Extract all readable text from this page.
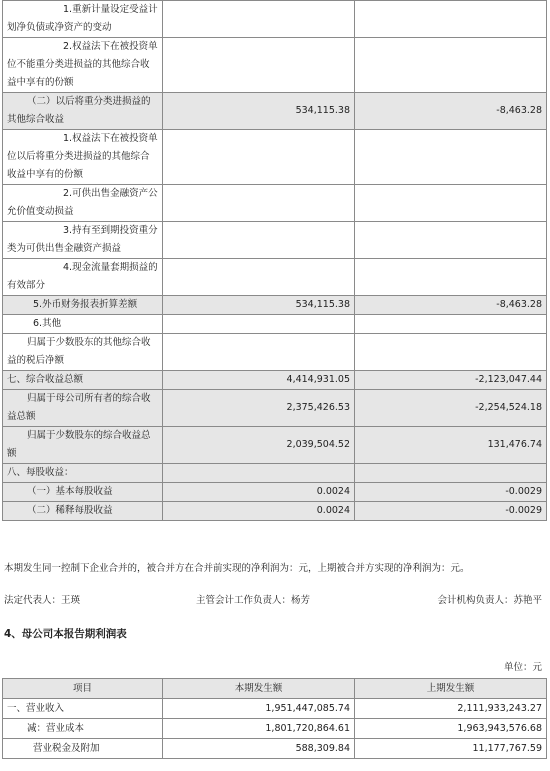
1.重新计量设定受益计划净负债或净资产的变动		
2.权益法下在被投资单位不能重分类进损益的其他综合收益中享有的份额		
（二）以后将重分类进损益的其他综合收益	534,115.38	-8,463.28
1.权益法下在被投资单位以后将重分类进损益的其他综合收益中享有的份额		
2.可供出售金融资产公允价值变动损益		
3.持有至到期投资重分类为可供出售金融资产损益		
4.现金流量套期损益的有效部分		
5.外币财务报表折算差额	534,115.38	-8,463.28
6.其他		
归属于少数股东的其他综合收益的税后净额		
七、综合收益总额	4,414,931.05	-2,123,047.44
归属于母公司所有者的综合收益总额	2,375,426.53	-2,254,524.18
归属于少数股东的综合收益总额	2,039,504.52	131,476.74
八、每股收益：		
（一）基本每股收益	0.0024	-0.0029
（二）稀释每股收益	0.0024	-0.0029
本期发生同一控制下企业合并的，被合并方在合并前实现的净利润为：元，上期被合并方实现的净利润为：元。
法定代表人：王瑛	主管会计工作负责人：杨芳	会计机构负责人：苏艳平
4、母公司本报告期利润表
单位：元
项目	本期发生额	上期发生额
一、营业收入	1,951,447,085.74	2,111,933,243.27
减：营业成本	1,801,720,864.61	1,963,943,576.68
营业税金及附加	588,309.84	11,177,767.59
